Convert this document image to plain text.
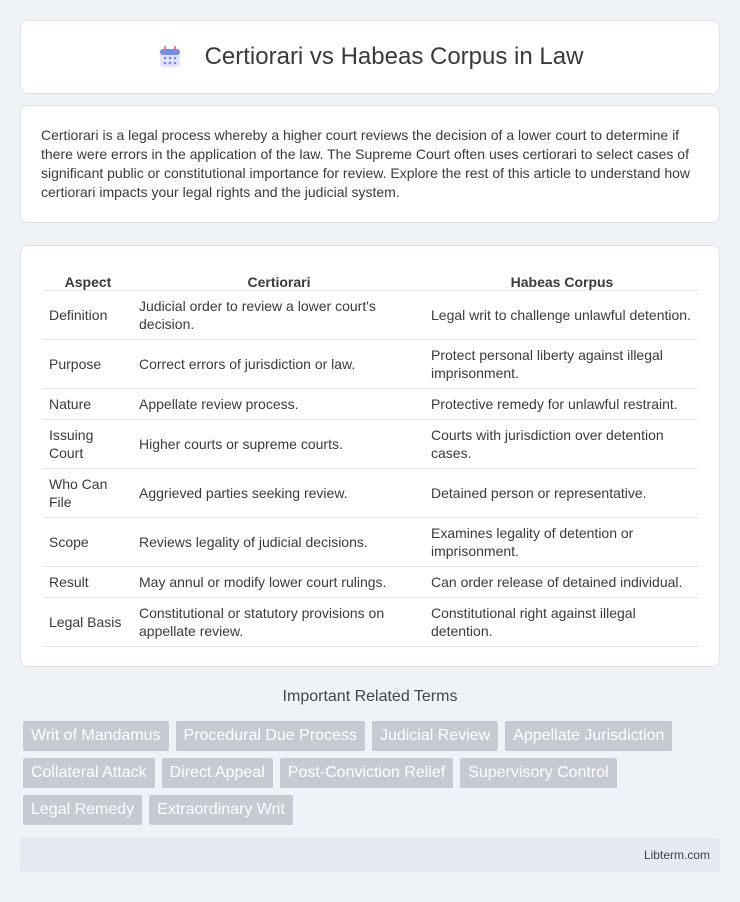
Certiorari vs Habeas Corpus in Law

Certiorari is a legal process whereby a higher court reviews the decision of a lower court to determine if there were errors in the application of the law. The Supreme Court often uses certiorari to select cases of significant public or constitutional importance for review. Explore the rest of this article to understand how certiorari impacts your legal rights and the judicial system.

Aspect	Certiorari	Habeas Corpus
Definition	Judicial order to review a lower court's decision.	Legal writ to challenge unlawful detention.
Purpose	Correct errors of jurisdiction or law.	Protect personal liberty against illegal imprisonment.
Nature	Appellate review process.	Protective remedy for unlawful restraint.
Issuing Court	Higher courts or supreme courts.	Courts with jurisdiction over detention cases.
Who Can File	Aggrieved parties seeking review.	Detained person or representative.
Scope	Reviews legality of judicial decisions.	Examines legality of detention or imprisonment.
Result	May annul or modify lower court rulings.	Can order release of detained individual.
Legal Basis	Constitutional or statutory provisions on appellate review.	Constitutional right against illegal detention.
Important Related Terms
Writ of Mandamus	Procedural Due Process	Judicial Review	Appellate Jurisdiction
Collateral Attack	Direct Appeal	Post-Conviction Relief	Supervisory Control
Legal Remedy	Extraordinary Writ
Libterm.com
